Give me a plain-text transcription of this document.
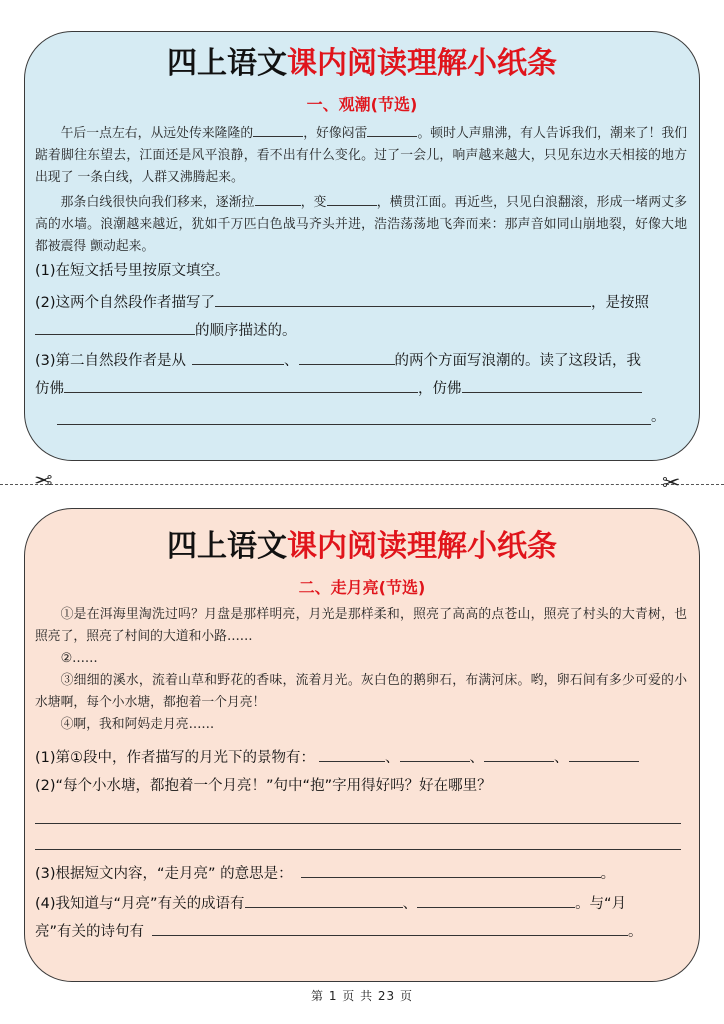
四上语文课内阅读理解小纸条
一、观潮(节选)

午后一点左右，从远处传来隆隆的	，好像闷雷	。顿时人声鼎沸，有人告诉我们，潮来了！我们踮着脚往东望去，江面还是风平浪静，看不出有什么变化。过了一会儿，响声越来越大，只见东边水天相接的地方出现了 一条白线，人群又沸腾起来。

那条白线很快向我们移来，逐渐拉	，变	，横贯江面。再近些，只见白浪翻滚，形成一堵两丈多高的水墙。浪潮越来越近，犹如千万匹白色战马齐头并进，浩浩荡荡地飞奔而来：那声音如同山崩地裂，好像大地都被震得 颤动起来。

(1)在短文括号里按原文填空。
(2)这两个自然段作者描写了	，是按照
的顺序描述的。
(3)第二自然段作者是从	、	的两个方面写浪潮的。读了这段话，我
仿佛	，仿佛
。
✂	✂
四上语文课内阅读理解小纸条
二、走月亮(节选)

①是在洱海里淘洗过吗？月盘是那样明亮，月光是那样柔和，照亮了高高的点苍山，照亮了村头的大青树，也照亮了，照亮了村间的大道和小路……

②……

③细细的溪水，流着山草和野花的香味，流着月光。灰白色的鹅卵石，布满河床。哟，卵石间有多少可爱的小水塘啊，每个小水塘，都抱着一个月亮！

④啊，我和阿妈走月亮……

(1)第①段中，作者描写的月光下的景物有：	、	、	、
(2)“每个小水塘，都抱着一个月亮！”句中“抱”字用得好吗？好在哪里？
(3)根据短文内容，“走月亮” 的意思是：	。
(4)我知道与“月亮”有关的成语有	、	。与“月
亮”有关的诗句有	。
第 1 页 共 23 页
